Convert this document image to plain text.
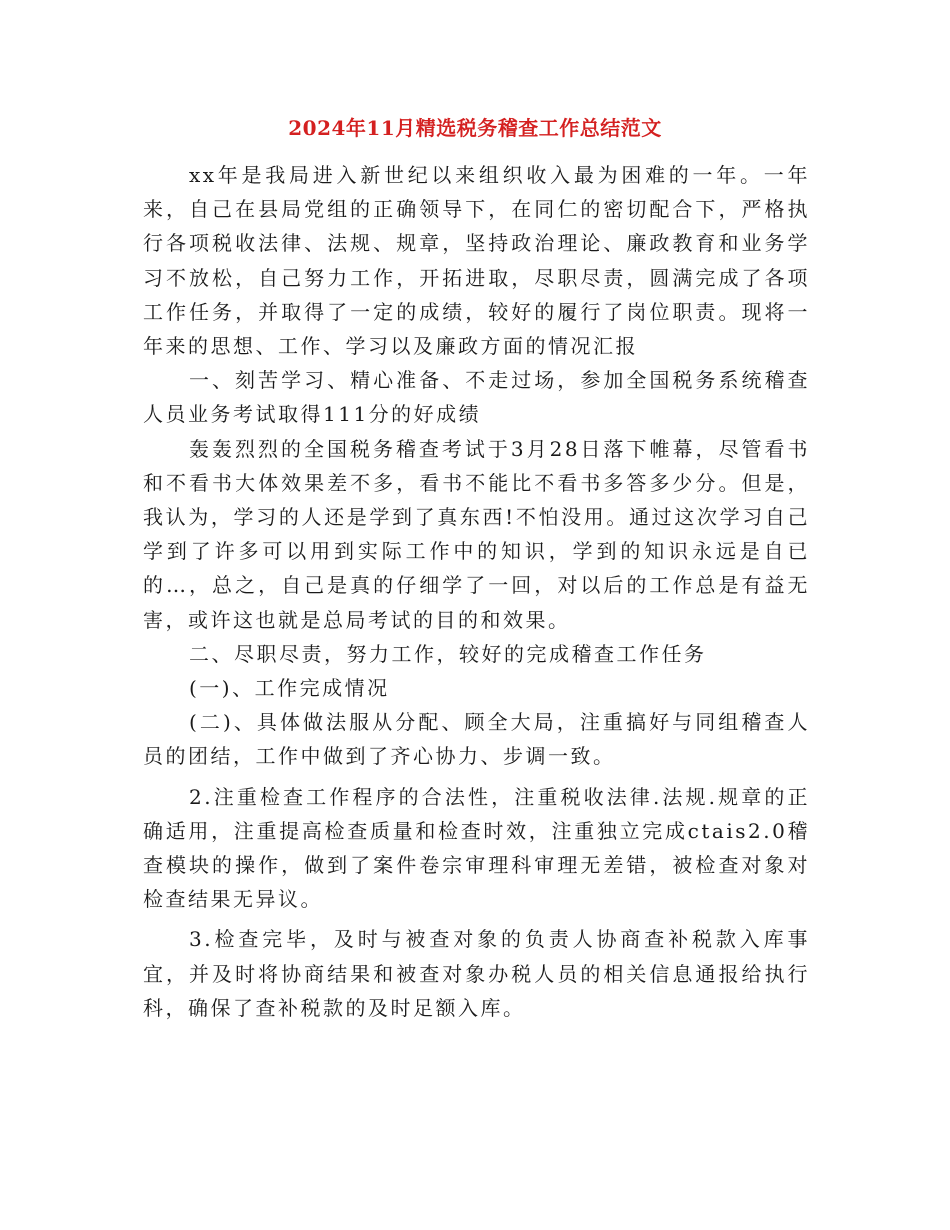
2024年11月精选税务稽查工作总结范文

xx年是我局进入新世纪以来组织收入最为困难的一年。一年来，自己在县局党组的正确领导下，在同仁的密切配合下，严格执行各项税收法律、法规、规章，坚持政治理论、廉政教育和业务学习不放松，自己努力工作，开拓进取，尽职尽责，圆满完成了各项工作任务，并取得了一定的成绩，较好的履行了岗位职责。现将一年来的思想、工作、学习以及廉政方面的情况汇报

一、刻苦学习、精心准备、不走过场，参加全国税务系统稽查人员业务考试取得111分的好成绩

轰轰烈烈的全国税务稽查考试于3月28日落下帷幕，尽管看书和不看书大体效果差不多，看书不能比不看书多答多少分。但是，我认为，学习的人还是学到了真东西!不怕没用。通过这次学习自己学到了许多可以用到实际工作中的知识，学到的知识永远是自已的…，总之，自己是真的仔细学了一回，对以后的工作总是有益无害，或许这也就是总局考试的目的和效果。

二、尽职尽责，努力工作，较好的完成稽查工作任务

(一)、工作完成情况

(二)、具体做法服从分配、顾全大局，注重搞好与同组稽查人员的团结，工作中做到了齐心协力、步调一致。

2.注重检查工作程序的合法性，注重税收法律.法规.规章的正确适用，注重提高检查质量和检查时效，注重独立完成ctais2.0稽查模块的操作，做到了案件卷宗审理科审理无差错，被检查对象对检查结果无异议。

3.检查完毕，及时与被查对象的负责人协商查补税款入库事宜，并及时将协商结果和被查对象办税人员的相关信息通报给执行科，确保了查补税款的及时足额入库。
